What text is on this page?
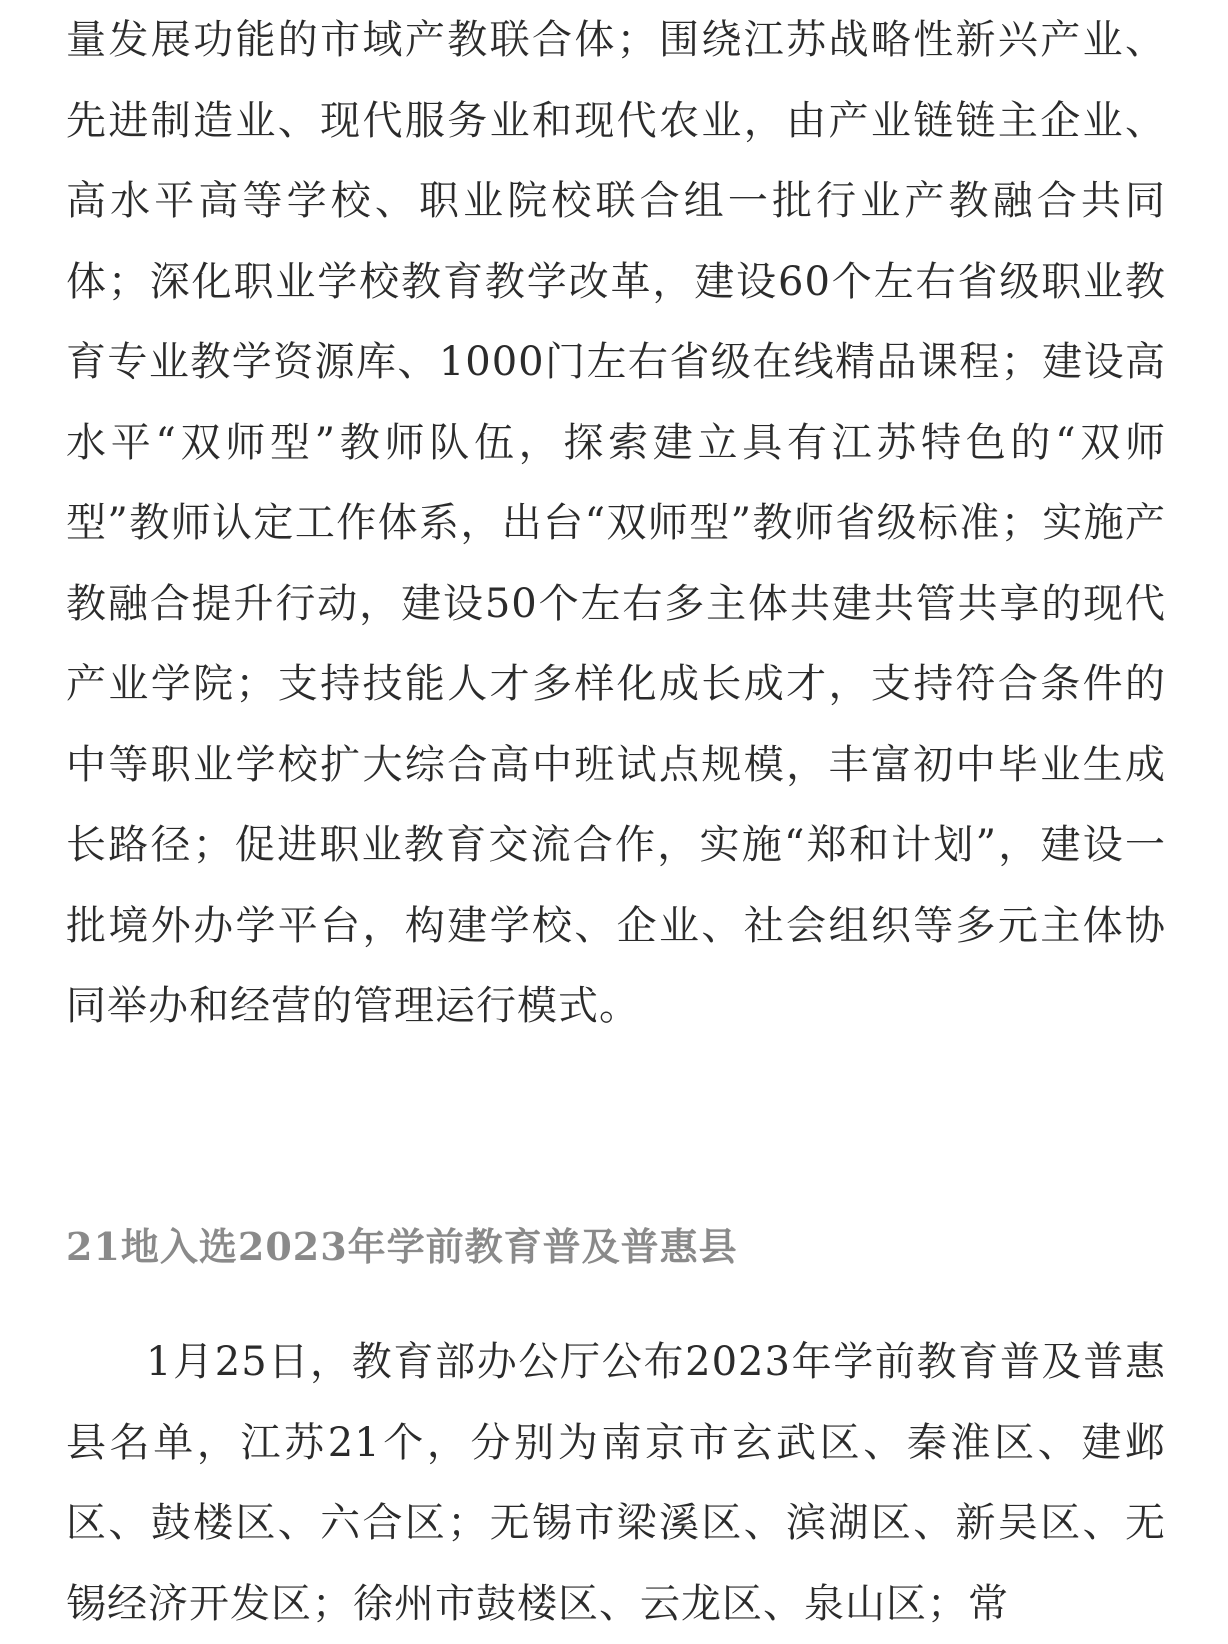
量发展功能的市域产教联合体；围绕江苏战略性新兴产业、先进制造业、现代服务业和现代农业，由产业链链主企业、高水平高等学校、职业院校联合组一批行业产教融合共同体；深化职业学校教育教学改革，建设60个左右省级职业教育专业教学资源库、1000门左右省级在线精品课程；建设高水平“双师型”教师队伍，探索建立具有江苏特色的“双师型”教师认定工作体系，出台“双师型”教师省级标准；实施产教融合提升行动，建设50个左右多主体共建共管共享的现代产业学院；支持技能人才多样化成长成才，支持符合条件的中等职业学校扩大综合高中班试点规模，丰富初中毕业生成长路径；促进职业教育交流合作，实施“郑和计划”，建设一批境外办学平台，构建学校、企业、社会组织等多元主体协同举办和经营的管理运行模式。

21地入选2023年学前教育普及普惠县

1月25日，教育部办公厅公布2023年学前教育普及普惠县名单，江苏21个，分别为南京市玄武区、秦淮区、建邺区、鼓楼区、六合区；无锡市梁溪区、滨湖区、新吴区、无锡经济开发区；徐州市鼓楼区、云龙区、泉山区；常
